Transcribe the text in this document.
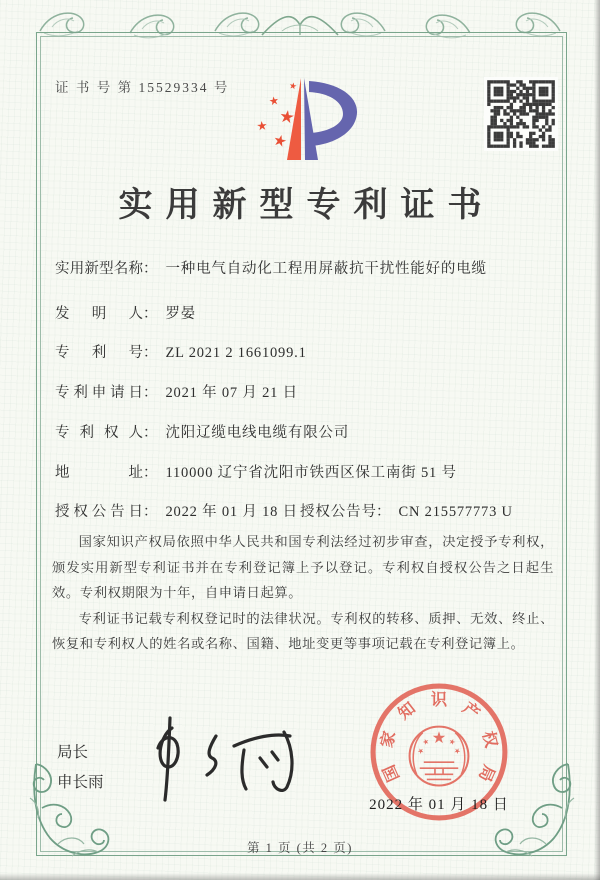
证 书 号 第 15529334 号
实用新型专利证书
实用新型名称： 一种电气自动化工程用屏蔽抗干扰性能好的电缆
发明人： 罗晏
专利号： ZL 2021 2 1661099.1
专利申请日： 2021 年 07 月 21 日
专利权人： 沈阳辽缆电线电缆有限公司
地址： 110000 辽宁省沈阳市铁西区保工南街 51 号
授权公告日： 2022 年 01 月 18 日 授权公告号： CN 215577773 U

国家知识产权局依照中华人民共和国专利法经过初步审查，决定授予专利权，颁发实用新型专利证书并在专利登记簿上予以登记。专利权自授权公告之日起生效。专利权期限为十年，自申请日起算。

专利证书记载专利权登记时的法律状况。专利权的转移、质押、无效、终止、恢复和专利权人的姓名或名称、国籍、地址变更等事项记载在专利登记簿上。

局长
申长雨	国
家
知 识 产
权
局
2022 年 01 月 18 日
第 1 页 (共 2 页)
